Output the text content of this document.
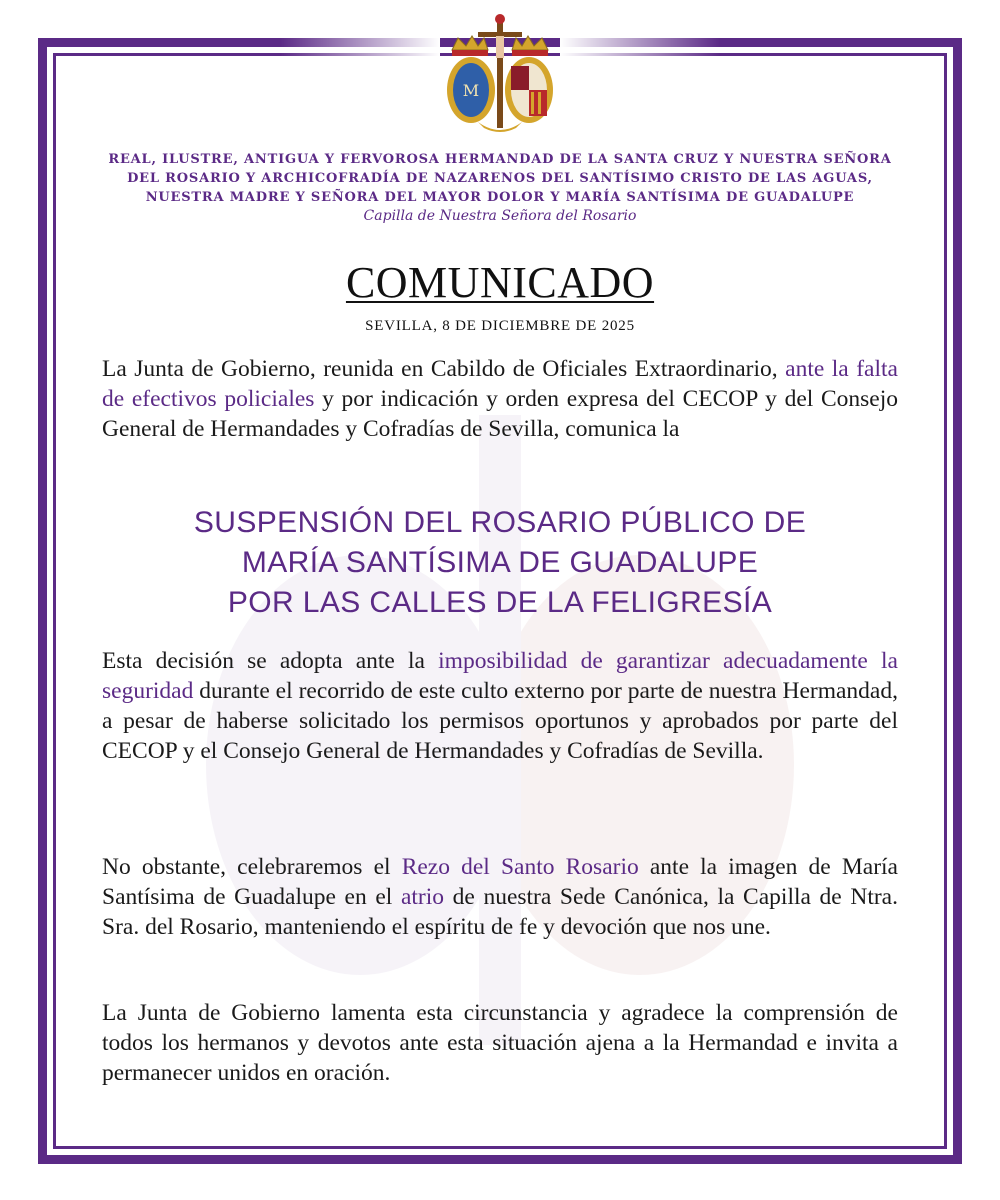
M
REAL, ILUSTRE, ANTIGUA Y FERVOROSA HERMANDAD DE LA SANTA CRUZ Y NUESTRA SEÑORA DEL ROSARIO Y ARCHICOFRADÍA DE NAZARENOS DEL SANTÍSIMO CRISTO DE LAS AGUAS, NUESTRA MADRE Y SEÑORA DEL MAYOR DOLOR Y MARÍA SANTÍSIMA DE GUADALUPE
Capilla de Nuestra Señora del Rosario
COMUNICADO
SEVILLA, 8 DE DICIEMBRE DE 2025
La Junta de Gobierno, reunida en Cabildo de Oficiales Extraordinario, ante la falta de efectivos policiales y por indicación y orden expresa del CECOP y del Consejo General de Hermandades y Cofradías de Sevilla, comunica la
SUSPENSIÓN DEL ROSARIO PÚBLICO DE
MARÍA SANTÍSIMA DE GUADALUPE
POR LAS CALLES DE LA FELIGRESÍA
Esta decisión se adopta ante la imposibilidad de garantizar adecuadamente la seguridad durante el recorrido de este culto externo por parte de nuestra Hermandad, a pesar de haberse solicitado los permisos oportunos y aprobados por parte del CECOP y el Consejo General de Hermandades y Cofradías de Sevilla.
No obstante, celebraremos el Rezo del Santo Rosario ante la imagen de María Santísima de Guadalupe en el atrio de nuestra Sede Canónica, la Capilla de Ntra. Sra. del Rosario, manteniendo el espíritu de fe y devoción que nos une.
La Junta de Gobierno lamenta esta circunstancia y agradece la comprensión de todos los hermanos y devotos ante esta situación ajena a la Hermandad e invita a permanecer unidos en oración.
